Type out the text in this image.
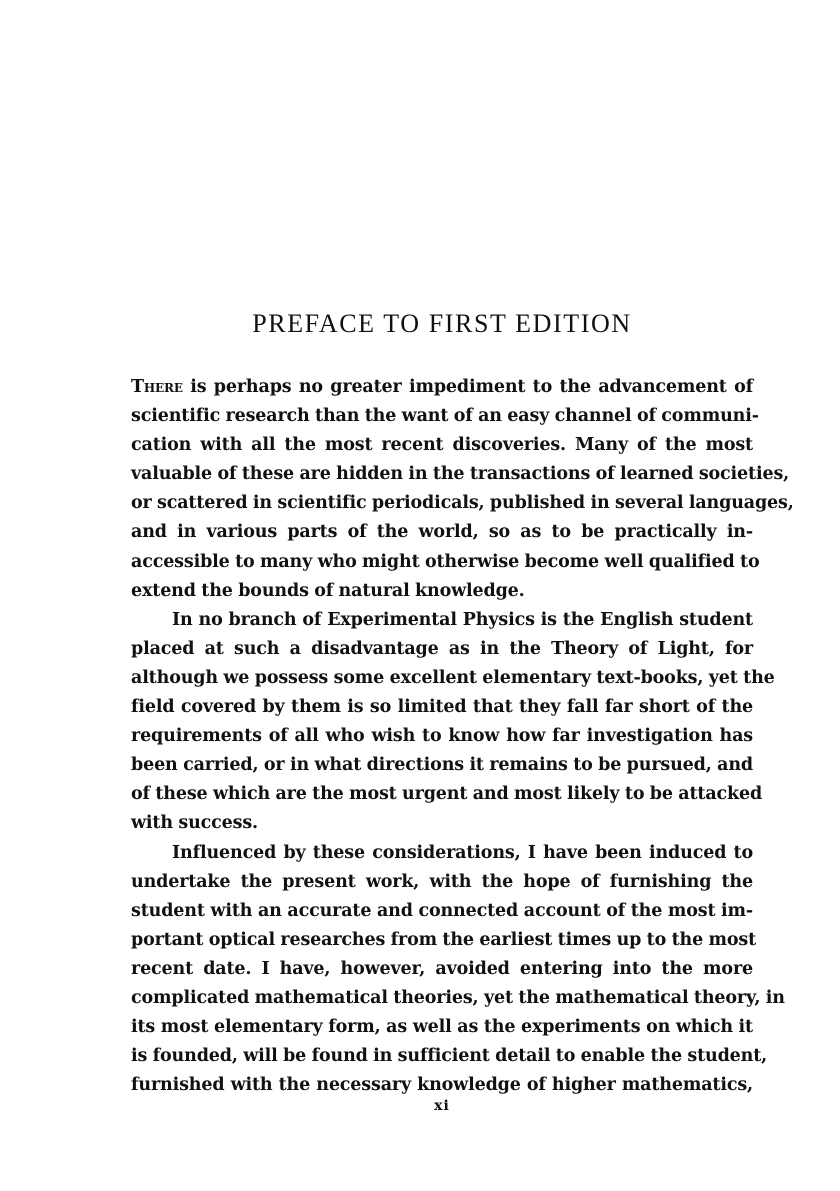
PREFACE TO FIRST EDITION
There is perhaps no greater impediment to the advancement of
scientific research than the want of an easy channel of communi-
cation with all the most recent discoveries. Many of the most
valuable of these are hidden in the transactions of learned societies,
or scattered in scientific periodicals, published in several languages,
and in various parts of the world, so as to be practically in-
accessible to many who might otherwise become well qualified to
extend the bounds of natural knowledge.
In no branch of Experimental Physics is the English student
placed at such a disadvantage as in the Theory of Light, for
although we possess some excellent elementary text-books, yet the
field covered by them is so limited that they fall far short of the
requirements of all who wish to know how far investigation has
been carried, or in what directions it remains to be pursued, and
of these which are the most urgent and most likely to be attacked
with success.
Influenced by these considerations, I have been induced to
undertake the present work, with the hope of furnishing the
student with an accurate and connected account of the most im-
portant optical researches from the earliest times up to the most
recent date. I have, however, avoided entering into the more
complicated mathematical theories, yet the mathematical theory, in
its most elementary form, as well as the experiments on which it
is founded, will be found in sufficient detail to enable the student,
furnished with the necessary knowledge of higher mathematics,
xi
